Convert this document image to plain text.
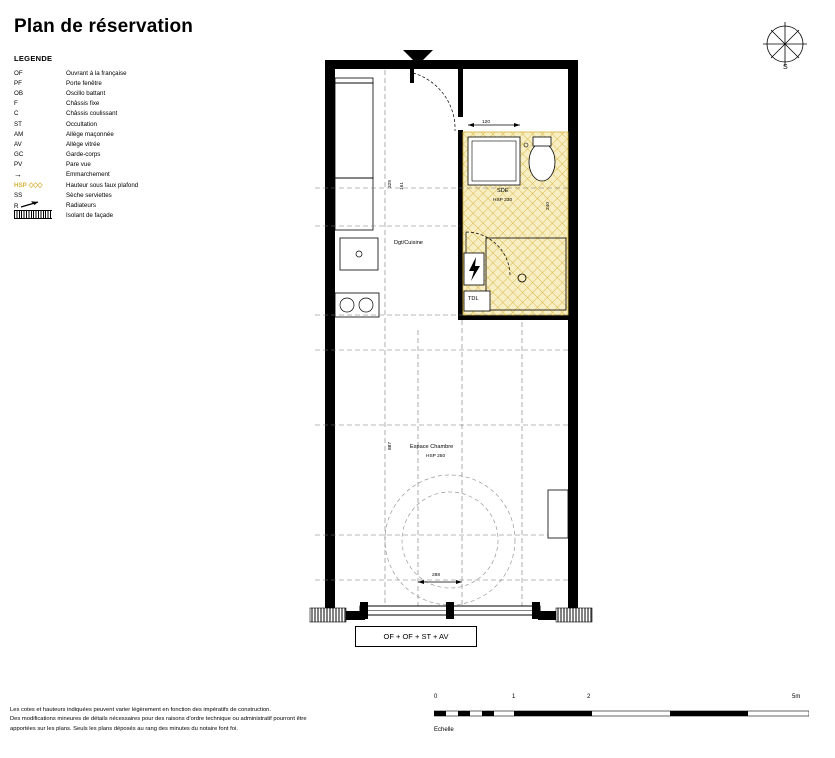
Plan de réservation
LEGENDE
OF	Ouvrant à la française
PF	Porte fenêtre
OB	Oscillo battant
F	Châssis fixe
C	Châssis coulissant
ST	Occultation
AM	Allège maçonnée
AV	Allège vitrée
GC	Garde-corps
PV	Pare vue
→	Emmarchement
HSP ◇◇◇	Hauteur sous faux plafond
SS	Sèche serviettes
R	Radiateurs
Isolant de façade
S
Dgt/Cuisine
SDE
HSP 230
Espace Chambre
HSP 250
TDL
325 161
120
240
887
288
OF + OF + ST + AV
Les cotes et hauteurs indiquées peuvent varier légèrement en fonction des impératifs de construction.
Des modifications mineures de détails nécessaires pour des raisons d'ordre technique ou administratif pourront être
apportées sur les plans. Seuls les plans déposés au rang des minutes du notaire font foi.
0	1	2	5m
Echelle
